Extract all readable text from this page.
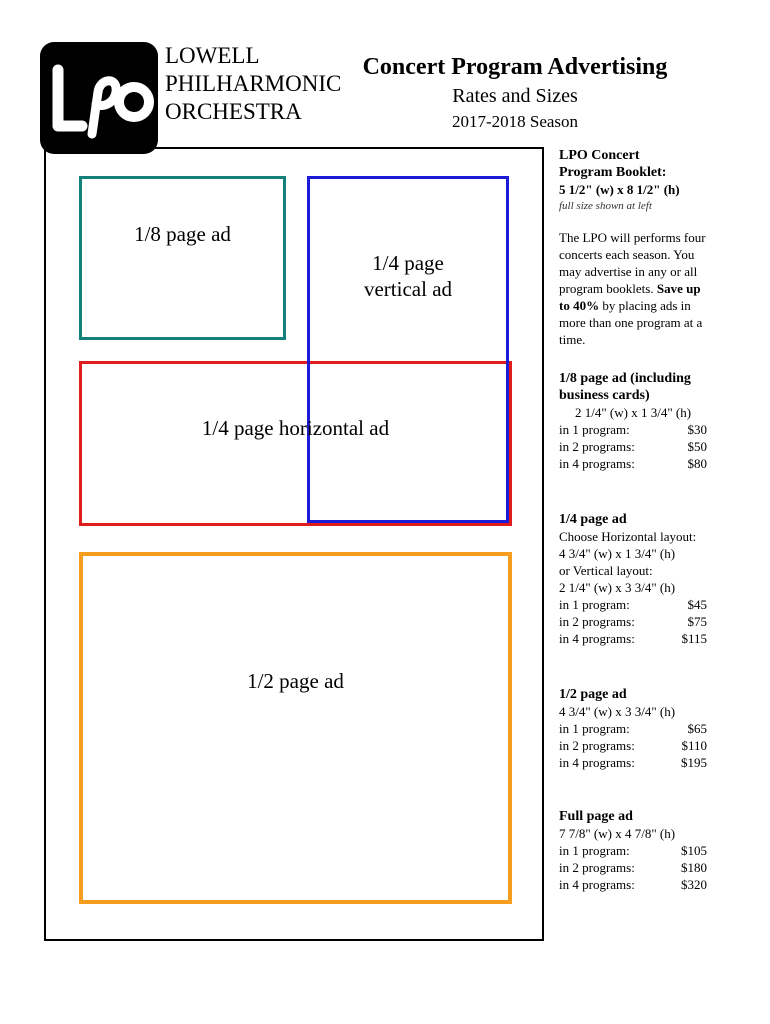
LOWELL
PHILHARMONIC
ORCHESTRA
Concert Program Advertising
Rates and Sizes
2017-2018 Season
1/8 page ad
1/4 page
vertical ad
1/4 page horizontal ad
1/2 page ad
LPO Concert
Program Booklet:
5 1/2" (w) x 8 1/2" (h)
full size shown at left
The LPO will performs four
concerts each season. You
may advertise in any or all
program booklets. Save up
to 40% by placing ads in
more than one program at a
time.
1/8 page ad (including
business cards)
2 1/4" (w) x 1 3/4" (h)
in 1 program:	$30
in 2 programs:	$50
in 4 programs:	$80
1/4 page ad
Choose Horizontal layout:
4 3/4" (w) x 1 3/4" (h)
or Vertical layout:
2 1/4" (w) x 3 3/4" (h)
in 1 program:	$45
in 2 programs:	$75
in 4 programs:	$115
1/2 page ad
4 3/4" (w) x 3 3/4" (h)
in 1 program:	$65
in 2 programs:	$110
in 4 programs:	$195
Full page ad
7 7/8" (w) x 4 7/8" (h)
in 1 program:	$105
in 2 programs:	$180
in 4 programs:	$320
